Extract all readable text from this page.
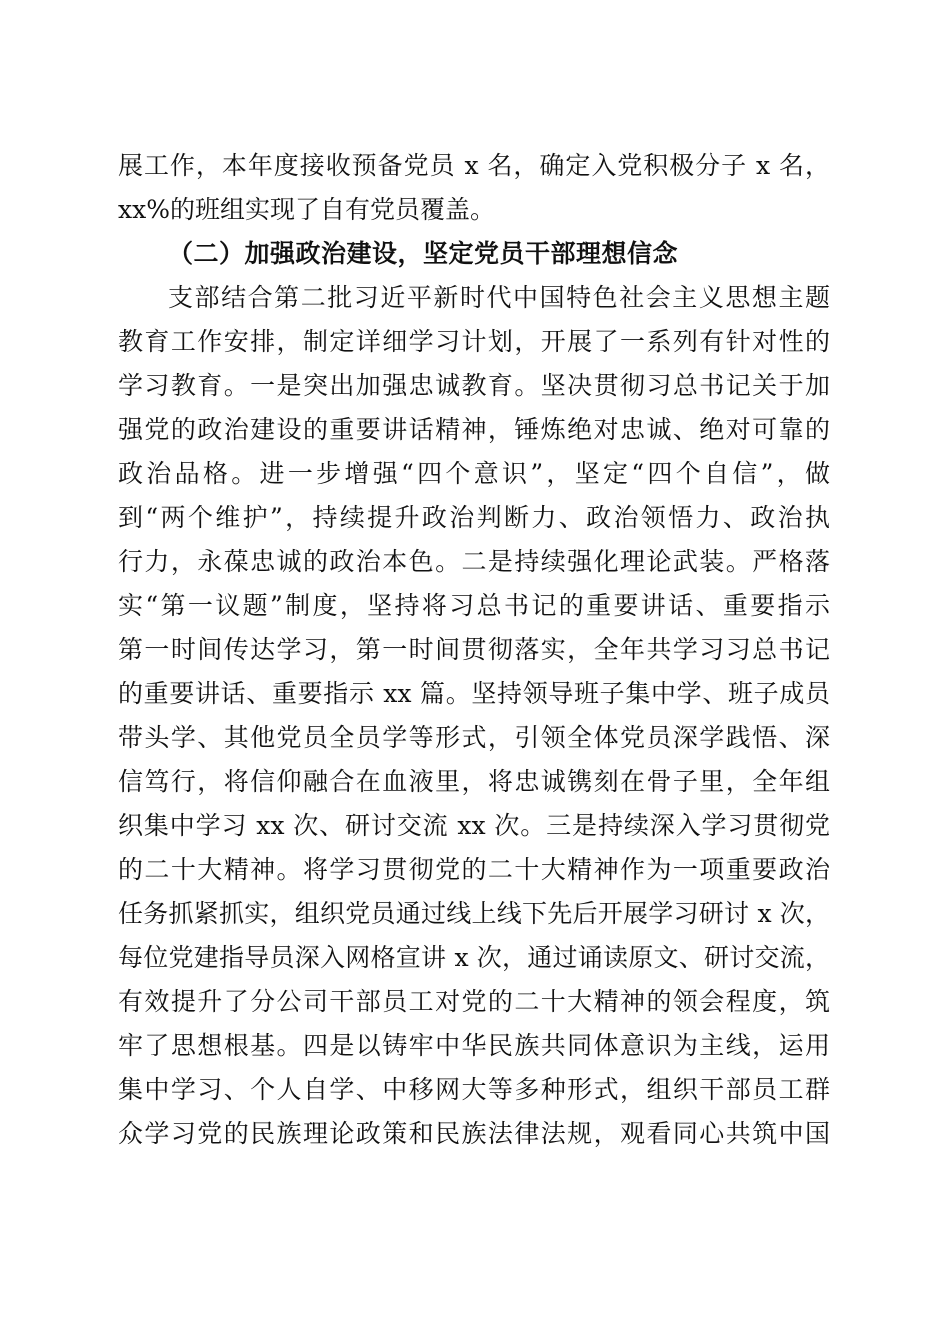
展工作，本年度接收预备党员 x 名，确定入党积极分子 x 名，
xx%的班组实现了自有党员覆盖。
（二）加强政治建设，坚定党员干部理想信念
支部结合第二批习近平新时代中国特色社会主义思想主题
教育工作安排，制定详细学习计划，开展了一系列有针对性的
学习教育。一是突出加强忠诚教育。坚决贯彻习总书记关于加
强党的政治建设的重要讲话精神，锤炼绝对忠诚、绝对可靠的
政治品格。进一步增强“四个意识”，坚定“四个自信”，做
到“两个维护”，持续提升政治判断力、政治领悟力、政治执
行力，永葆忠诚的政治本色。二是持续强化理论武装。严格落
实“第一议题”制度，坚持将习总书记的重要讲话、重要指示
第一时间传达学习，第一时间贯彻落实，全年共学习习总书记
的重要讲话、重要指示 xx 篇。坚持领导班子集中学、班子成员
带头学、其他党员全员学等形式，引领全体党员深学践悟、深
信笃行，将信仰融合在血液里，将忠诚镌刻在骨子里，全年组
织集中学习 xx 次、研讨交流 xx 次。三是持续深入学习贯彻党
的二十大精神。将学习贯彻党的二十大精神作为一项重要政治
任务抓紧抓实，组织党员通过线上线下先后开展学习研讨 x 次，
每位党建指导员深入网格宣讲 x 次，通过诵读原文、研讨交流，
有效提升了分公司干部员工对党的二十大精神的领会程度，筑
牢了思想根基。四是以铸牢中华民族共同体意识为主线，运用
集中学习、个人自学、中移网大等多种形式，组织干部员工群
众学习党的民族理论政策和民族法律法规，观看同心共筑中国
